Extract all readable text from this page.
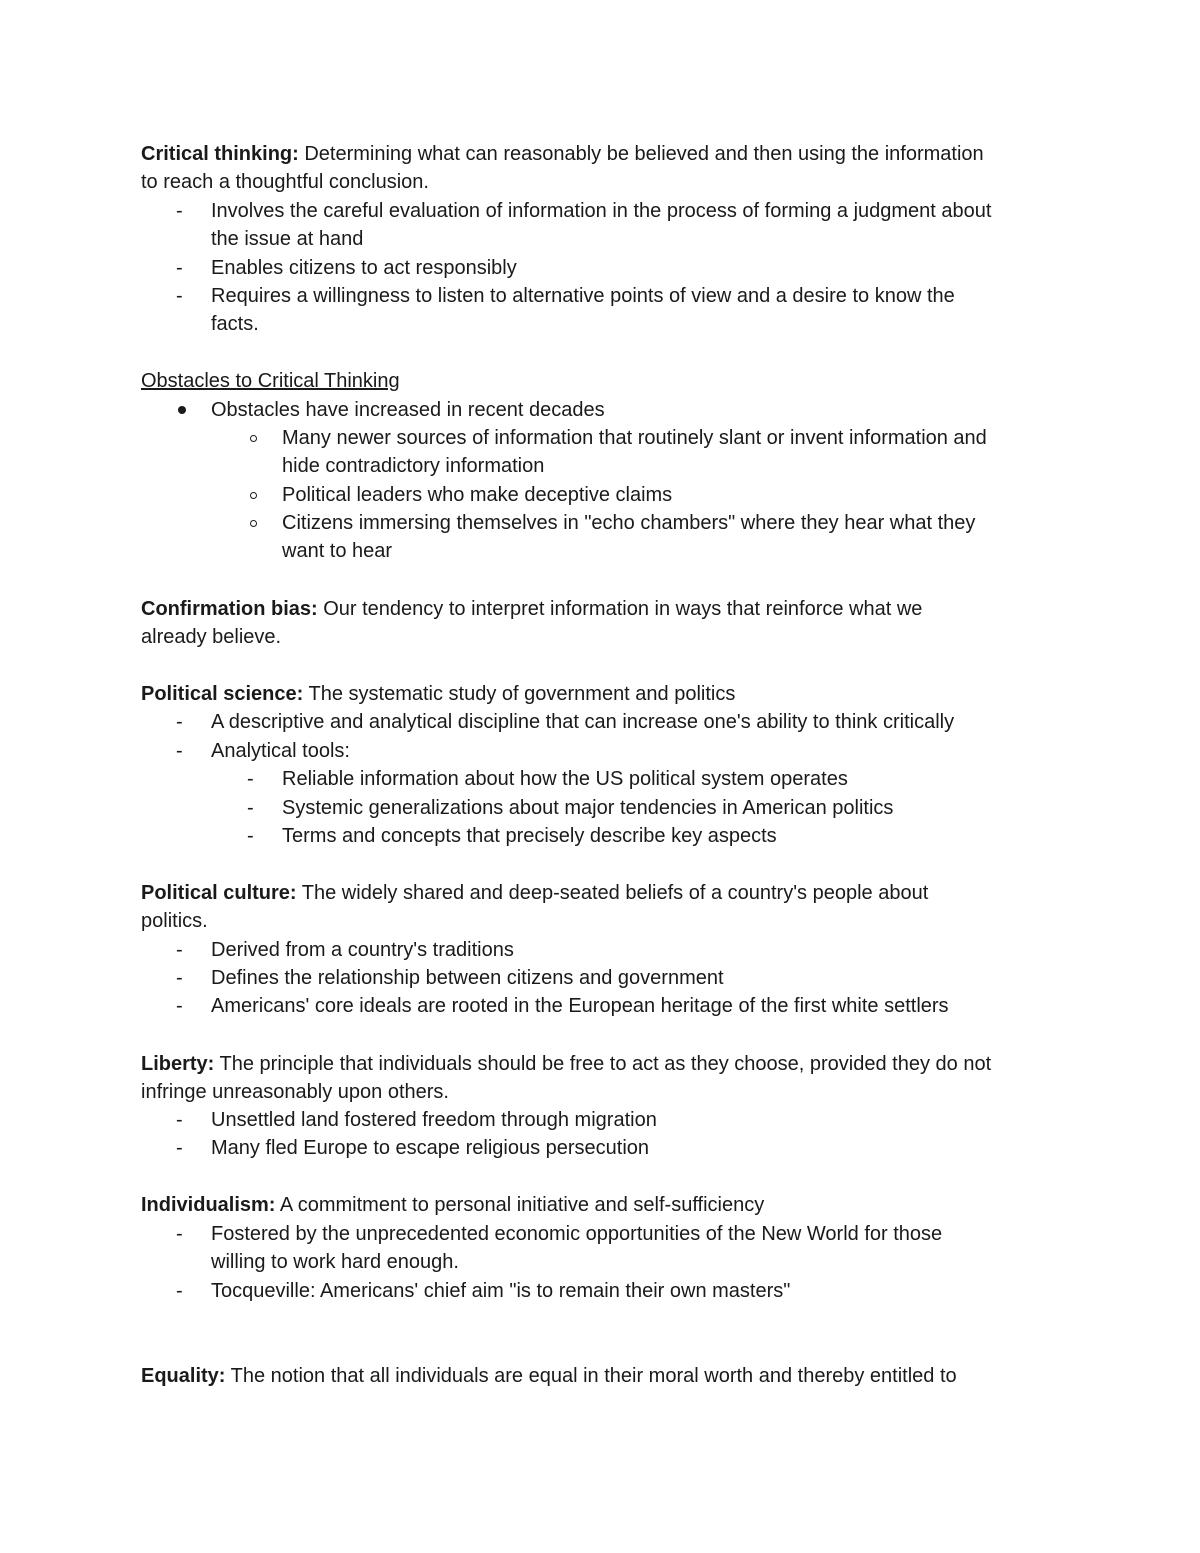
Critical thinking: Determining what can reasonably be believed and then using the information
to reach a thoughtful conclusion.
- Involves the careful evaluation of information in the process of forming a judgment about
the issue at hand
- Enables citizens to act responsibly
- Requires a willingness to listen to alternative points of view and a desire to know the
facts.
Obstacles to Critical Thinking
Obstacles have increased in recent decades
Many newer sources of information that routinely slant or invent information and
hide contradictory information
Political leaders who make deceptive claims
Citizens immersing themselves in "echo chambers" where they hear what they
want to hear
Confirmation bias: Our tendency to interpret information in ways that reinforce what we
already believe.
Political science: The systematic study of government and politics
- A descriptive and analytical discipline that can increase one's ability to think critically
- Analytical tools:
- Reliable information about how the US political system operates
- Systemic generalizations about major tendencies in American politics
- Terms and concepts that precisely describe key aspects
Political culture: The widely shared and deep-seated beliefs of a country's people about
politics.
- Derived from a country's traditions
- Defines the relationship between citizens and government
- Americans' core ideals are rooted in the European heritage of the first white settlers
Liberty: The principle that individuals should be free to act as they choose, provided they do not
infringe unreasonably upon others.
- Unsettled land fostered freedom through migration
- Many fled Europe to escape religious persecution
Individualism: A commitment to personal initiative and self-sufficiency
- Fostered by the unprecedented economic opportunities of the New World for those
willing to work hard enough.
- Tocqueville: Americans' chief aim "is to remain their own masters"
Equality: The notion that all individuals are equal in their moral worth and thereby entitled to
